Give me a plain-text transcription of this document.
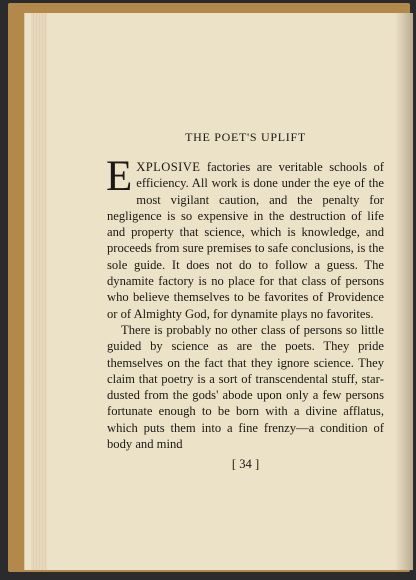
THE POET'S UPLIFT

EXPLOSIVE factories are veritable schools of efficiency. All work is done under the eye of the most vigilant caution, and the penalty for negligence is so expensive in the destruction of life and property that science, which is knowledge, and proceeds from sure premises to safe conclusions, is the sole guide. It does not do to follow a guess. The dynamite factory is no place for that class of persons who believe themselves to be favorites of Providence or of Almighty God, for dynamite plays no favorites.

There is probably no other class of persons so little guided by science as are the poets. They pride themselves on the fact that they ignore science. They claim that poetry is a sort of transcendental stuff, stardusted from the gods' abode upon only a few persons fortunate enough to be born with a divine afflatus, which puts them into a fine frenzy—a condition of body and mind

[ 34 ]
